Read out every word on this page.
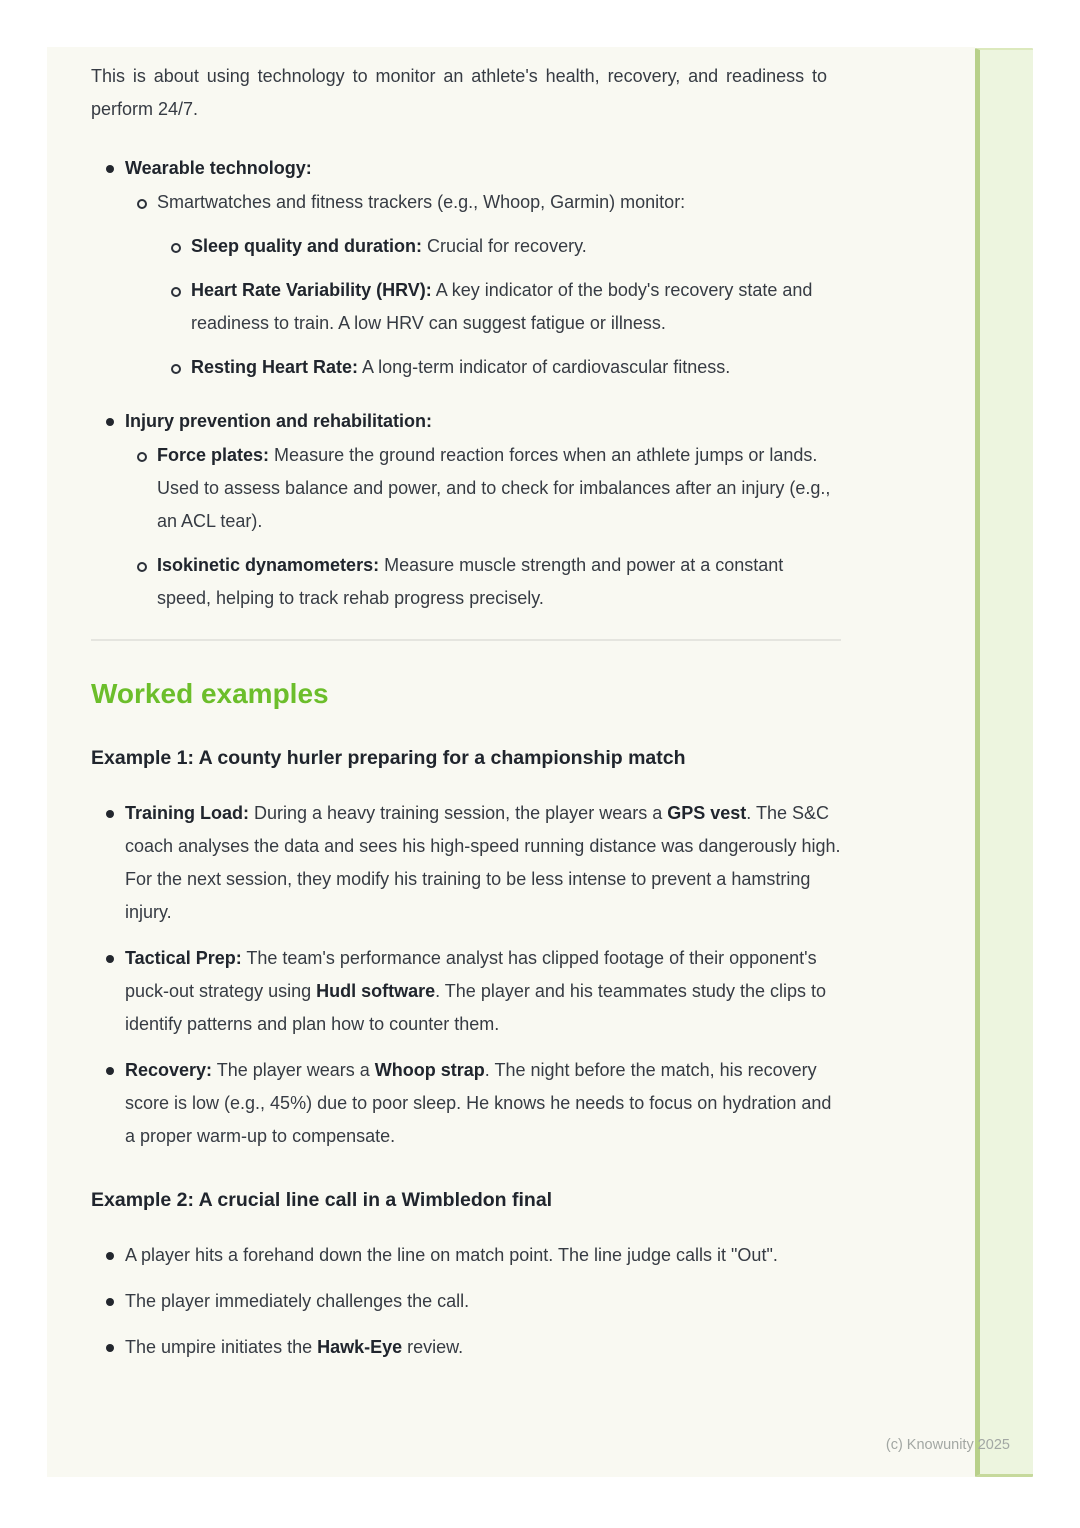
This is about using technology to monitor an athlete's health, recovery, and readiness to perform 24/7.

Wearable technology:
Smartwatches and fitness trackers (e.g., Whoop, Garmin) monitor:
Sleep quality and duration: Crucial for recovery.
Heart Rate Variability (HRV): A key indicator of the body's recovery state and readiness to train. A low HRV can suggest fatigue or illness.
Resting Heart Rate: A long-term indicator of cardiovascular fitness.
Injury prevention and rehabilitation:
Force plates: Measure the ground reaction forces when an athlete jumps or lands. Used to assess balance and power, and to check for imbalances after an injury (e.g., an ACL tear).
Isokinetic dynamometers: Measure muscle strength and power at a constant speed, helping to track rehab progress precisely.
Worked examples
Example 1: A county hurler preparing for a championship match
Training Load: During a heavy training session, the player wears a GPS vest. The S&C coach analyses the data and sees his high-speed running distance was dangerously high. For the next session, they modify his training to be less intense to prevent a hamstring injury.
Tactical Prep: The team's performance analyst has clipped footage of their opponent's puck-out strategy using Hudl software. The player and his teammates study the clips to identify patterns and plan how to counter them.
Recovery: The player wears a Whoop strap. The night before the match, his recovery score is low (e.g., 45%) due to poor sleep. He knows he needs to focus on hydration and a proper warm-up to compensate.
Example 2: A crucial line call in a Wimbledon final
A player hits a forehand down the line on match point. The line judge calls it "Out".
The player immediately challenges the call.
The umpire initiates the Hawk-Eye review.
(c) Knowunity 2025
